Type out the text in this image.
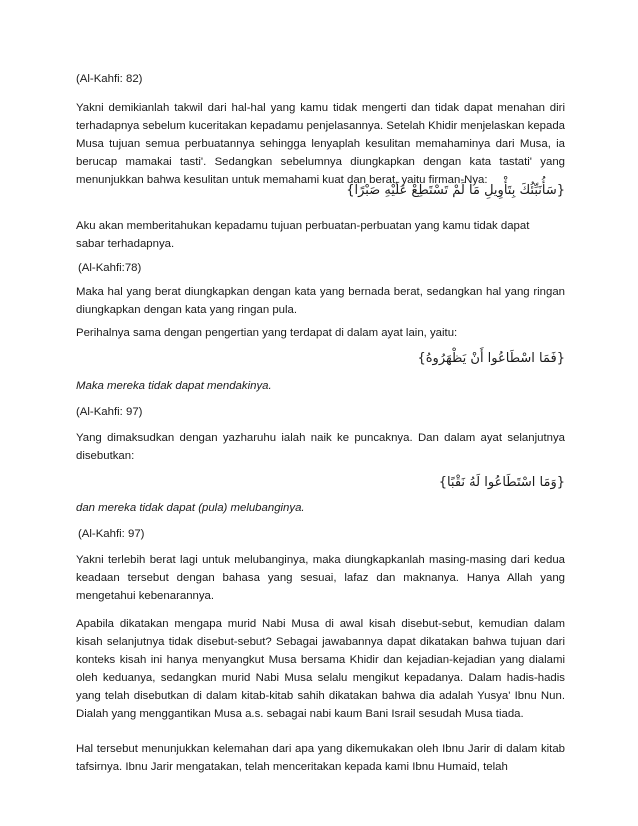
(Al-Kahfi: 82)

Yakni demikianlah takwil dari hal-hal yang kamu tidak mengerti dan tidak dapat menahan diri terhadapnya sebelum kuceritakan kepadamu penjelasannya. Setelah Khidir menjelaskan kepada Musa tujuan semua perbuatannya sehingga lenyaplah kesulitan memahaminya dari Musa, ia berucap mamakai tasti'. Sedangkan sebelumnya diungkapkan dengan kata tastati' yang menunjukkan bahwa kesulitan untuk memahami kuat dan berat, yaitu firman-Nya:

{سَأُنَبِّئُكَ بِتَأْوِيلِ مَا لَمْ تَسْتَطِعْ عَلَيْهِ صَبْرًا}

Aku akan memberitahukan kepadamu tujuan perbuatan-perbuatan yang kamu tidak dapat sabar terhadapnya.

(Al-Kahfi:78)

Maka hal yang berat diungkapkan dengan kata yang bernada berat, sedangkan hal yang ringan diungkapkan dengan kata yang ringan pula.

Perihalnya sama dengan pengertian yang terdapat di dalam ayat lain, yaitu:

{فَمَا اسْطَاعُوا أَنْ يَظْهَرُوهُ}

Maka mereka tidak dapat mendakinya.

(Al-Kahfi: 97)

Yang dimaksudkan dengan yazharuhu ialah naik ke puncaknya. Dan dalam ayat selanjutnya disebutkan:

{وَمَا اسْتَطَاعُوا لَهُ نَقْبًا}

dan mereka tidak dapat (pula) melubanginya.

(Al-Kahfi: 97)

Yakni terlebih berat lagi untuk melubanginya, maka diungkapkanlah masing-masing dari kedua keadaan tersebut dengan bahasa yang sesuai, lafaz dan maknanya. Hanya Allah yang mengetahui kebenarannya.

Apabila dikatakan mengapa murid Nabi Musa di awal kisah disebut-sebut, kemudian dalam kisah selanjutnya tidak disebut-sebut? Sebagai jawabannya dapat dikatakan bahwa tujuan dari konteks kisah ini hanya menyangkut Musa bersama Khidir dan kejadian-kejadian yang dialami oleh keduanya, sedangkan murid Nabi Musa selalu mengikut kepadanya. Dalam hadis-hadis yang telah disebutkan di dalam kitab-kitab sahih dikatakan bahwa dia adalah Yusya' Ibnu Nun. Dialah yang menggantikan Musa a.s. sebagai nabi kaum Bani Israil sesudah Musa tiada.

Hal tersebut menunjukkan kelemahan dari apa yang dikemukakan oleh Ibnu Jarir di dalam kitab tafsirnya. Ibnu Jarir mengatakan, telah menceritakan kepada kami Ibnu Humaid, telah
